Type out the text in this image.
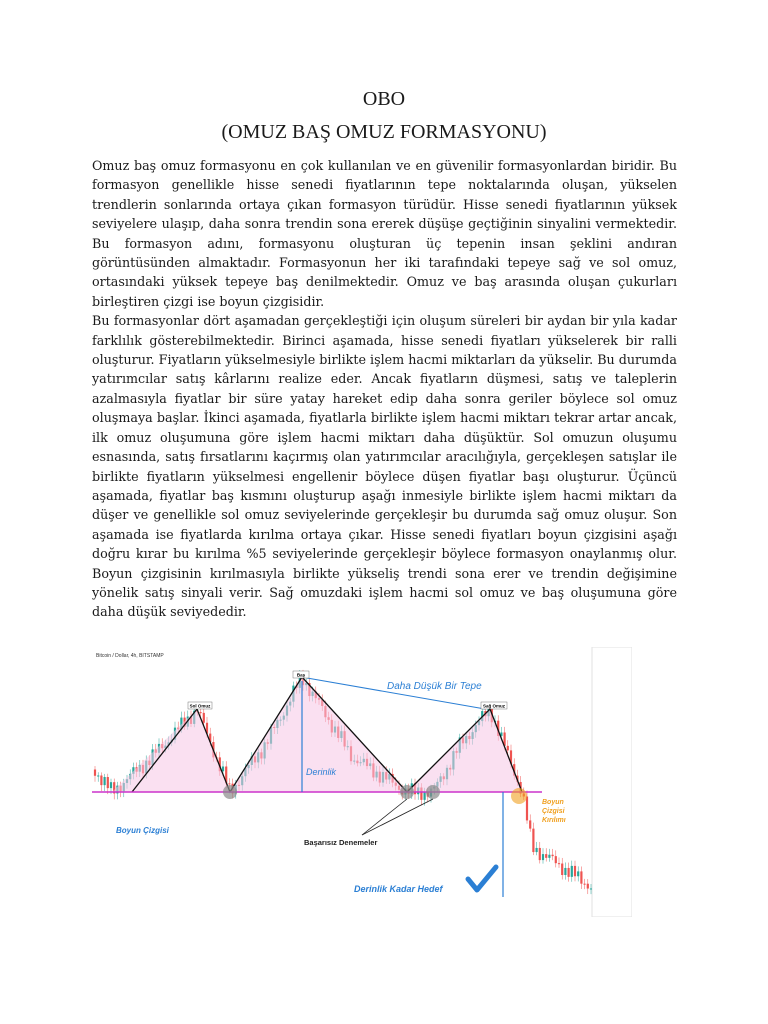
OBO
(OMUZ BAŞ OMUZ FORMASYONU)

Omuz baş omuz formasyonu en çok kullanılan ve en güvenilir formasyonlardan biridir. Bu formasyon genellikle hisse senedi fiyatlarının tepe noktalarında oluşan, yükselen trendlerin sonlarında ortaya çıkan formasyon türüdür. Hisse senedi fiyatlarının yüksek seviyelere ulaşıp, daha sonra trendin sona ererek düşüşe geçtiğinin sinyalini vermektedir. Bu formasyon adını, formasyonu oluşturan üç tepenin insan şeklini andıran görüntüsünden almaktadır. Formasyonun her iki tarafındaki tepeye sağ ve sol omuz, ortasındaki yüksek tepeye baş denilmektedir. Omuz ve baş arasında oluşan çukurları birleştiren çizgi ise boyun çizgisidir.

Bu formasyonlar dört aşamadan gerçekleştiği için oluşum süreleri bir aydan bir yıla kadar farklılık gösterebilmektedir. Birinci aşamada, hisse senedi fiyatları yükselerek bir ralli oluşturur. Fiyatların yükselmesiyle birlikte işlem hacmi miktarları da yükselir. Bu durumda yatırımcılar satış kârlarını realize eder. Ancak fiyatların düşmesi, satış ve taleplerin azalmasıyla fiyatlar bir süre yatay hareket edip daha sonra geriler böylece sol omuz oluşmaya başlar. İkinci aşamada, fiyatlarla birlikte işlem hacmi miktarı tekrar artar ancak, ilk omuz oluşumuna göre işlem hacmi miktarı daha düşüktür. Sol omuzun oluşumu esnasında, satış fırsatlarını kaçırmış olan yatırımcılar aracılığıyla, gerçekleşen satışlar ile birlikte fiyatların yükselmesi engellenir böylece düşen fiyatlar başı oluşturur. Üçüncü aşamada, fiyatlar baş kısmını oluşturup aşağı inmesiyle birlikte işlem hacmi miktarı da düşer ve genellikle sol omuz seviyelerinde gerçekleşir bu durumda sağ omuz oluşur. Son aşamada ise fiyatlarda kırılma ortaya çıkar. Hisse senedi fiyatları boyun çizgisini aşağı doğru kırar bu kırılma %5 seviyelerinde gerçekleşir böylece formasyon onaylanmış olur. Boyun çizgisinin kırılmasıyla birlikte yükseliş trendi sona erer ve trendin değişimine yönelik satış sinyali verir. Sağ omuzdaki işlem hacmi sol omuz ve baş oluşumuna göre daha düşük seviyededir.

Bitcoin / Dollar, 4h, BITSTAMP
Sol Omuz
Baş
Sağ Omuz
Daha Düşük Bir Tepe
Derinlik
Boyun Çizgisi
Başarısız Denemeler
Boyun
Çizgisi
Kırılımı
Derinlik Kadar Hedef
